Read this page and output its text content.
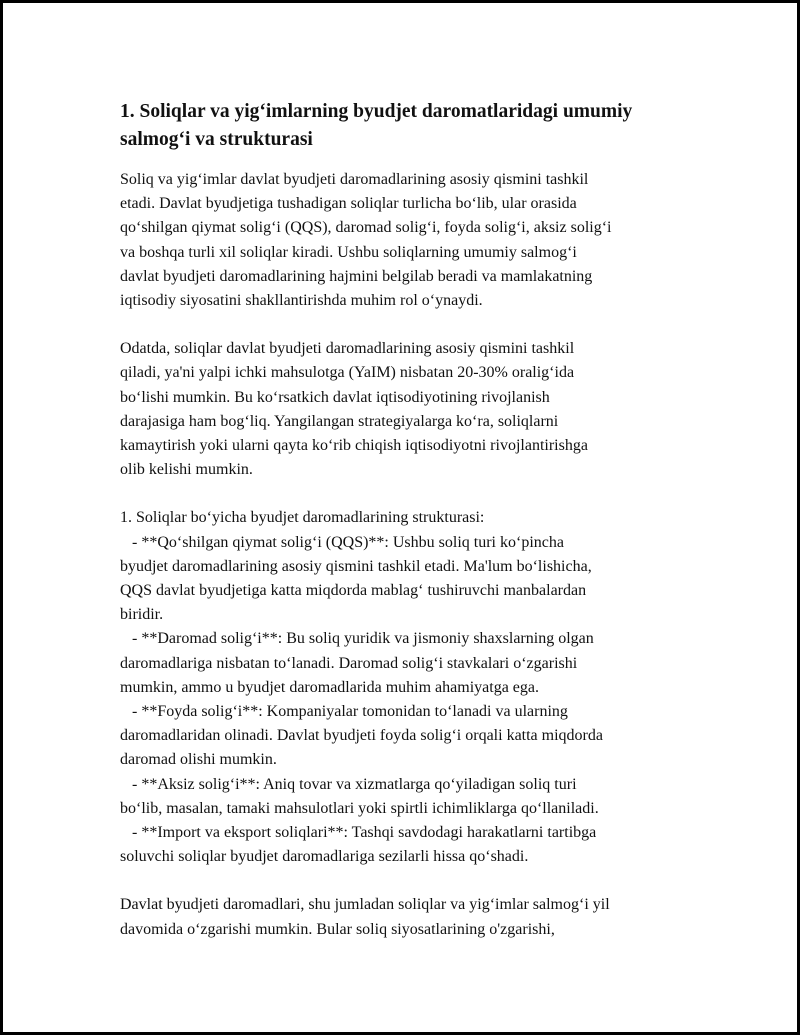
1. Soliqlar va yig‘imlarning byudjet daromatlaridagi umumiy
salmog‘i va strukturasi

Soliq va yig‘imlar davlat byudjeti daromadlarining asosiy qismini tashkil
etadi. Davlat byudjetiga tushadigan soliqlar turlicha bo‘lib, ular orasida
qo‘shilgan qiymat solig‘i (QQS), daromad solig‘i, foyda solig‘i, aksiz solig‘i
va boshqa turli xil soliqlar kiradi. Ushbu soliqlarning umumiy salmog‘i
davlat byudjeti daromadlarining hajmini belgilab beradi va mamlakatning
iqtisodiy siyosatini shakllantirishda muhim rol o‘ynaydi.

Odatda, soliqlar davlat byudjeti daromadlarining asosiy qismini tashkil
qiladi, ya'ni yalpi ichki mahsulotga (YaIM) nisbatan 20-30% oralig‘ida
bo‘lishi mumkin. Bu ko‘rsatkich davlat iqtisodiyotining rivojlanish
darajasiga ham bog‘liq. Yangilangan strategiyalarga ko‘ra, soliqlarni
kamaytirish yoki ularni qayta ko‘rib chiqish iqtisodiyotni rivojlantirishga
olib kelishi mumkin.

1. Soliqlar bo‘yicha byudjet daromadlarining strukturasi:

- **Qo‘shilgan qiymat solig‘i (QQS)**: Ushbu soliq turi ko‘pincha
byudjet daromadlarining asosiy qismini tashkil etadi. Ma'lum bo‘lishicha,
QQS davlat byudjetiga katta miqdorda mablag‘ tushiruvchi manbalardan
biridir.

- **Daromad solig‘i**: Bu soliq yuridik va jismoniy shaxslarning olgan
daromadlariga nisbatan to‘lanadi. Daromad solig‘i stavkalari o‘zgarishi
mumkin, ammo u byudjet daromadlarida muhim ahamiyatga ega.

- **Foyda solig‘i**: Kompaniyalar tomonidan to‘lanadi va ularning
daromadlaridan olinadi. Davlat byudjeti foyda solig‘i orqali katta miqdorda
daromad olishi mumkin.

- **Aksiz solig‘i**: Aniq tovar va xizmatlarga qo‘yiladigan soliq turi
bo‘lib, masalan, tamaki mahsulotlari yoki spirtli ichimliklarga qo‘llaniladi.

- **Import va eksport soliqlari**: Tashqi savdodagi harakatlarni tartibga
soluvchi soliqlar byudjet daromadlariga sezilarli hissa qo‘shadi.

Davlat byudjeti daromadlari, shu jumladan soliqlar va yig‘imlar salmog‘i yil
davomida o‘zgarishi mumkin. Bular soliq siyosatlarining o'zgarishi,
